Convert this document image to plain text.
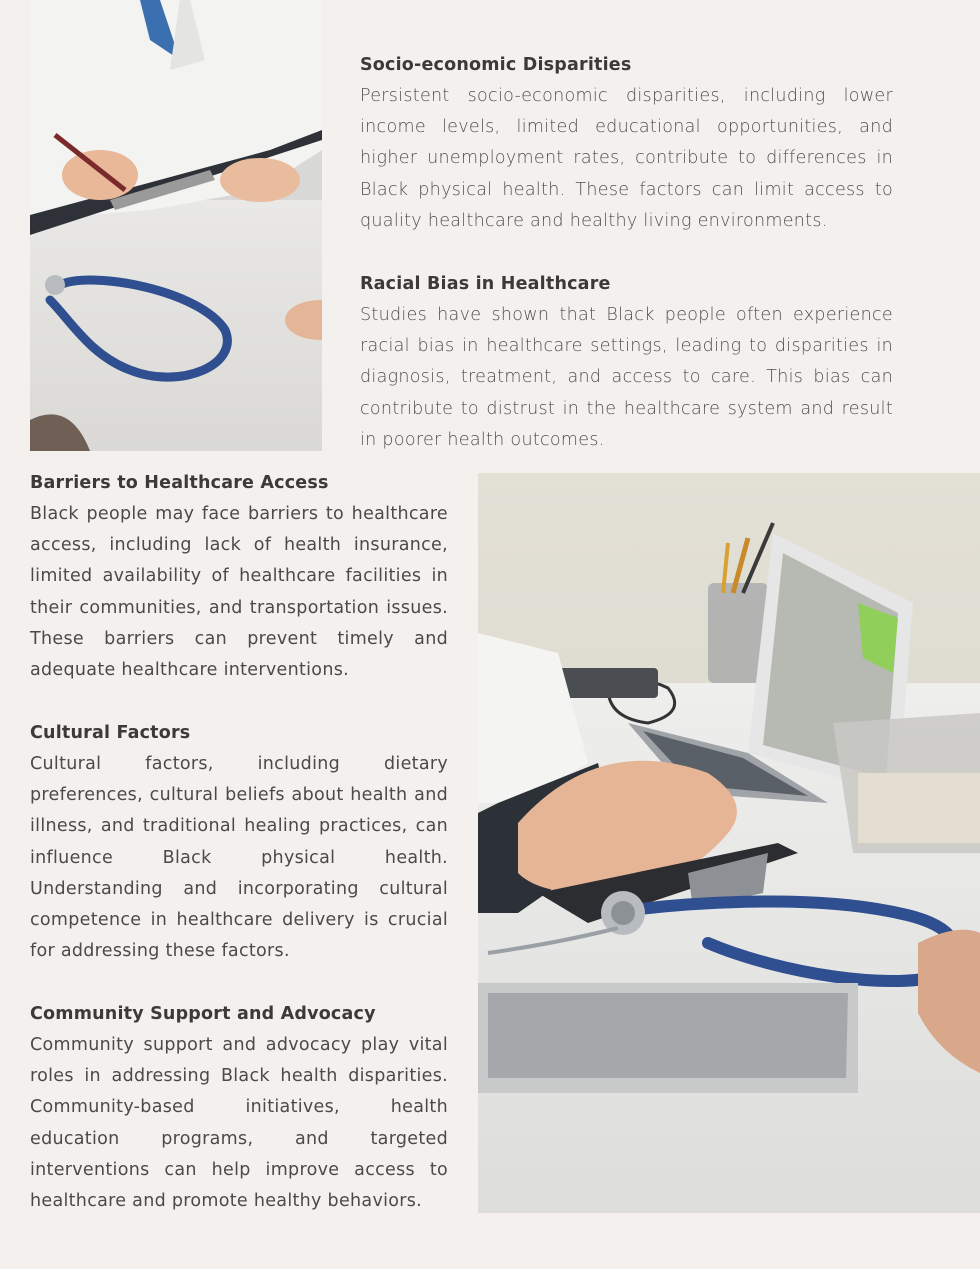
Socio-economic Disparities

Persistent socio-economic disparities, including lower income levels, limited educational opportunities, and higher unemployment rates, contribute to differences in Black physical health. These factors can limit access to quality healthcare and healthy living environments.

Racial Bias in Healthcare

Studies have shown that Black people often experience racial bias in healthcare settings, leading to disparities in diagnosis, treatment, and access to care. This bias can contribute to distrust in the healthcare system and result in poorer health outcomes.

Barriers to Healthcare Access

Black people may face barriers to healthcare access, including lack of health insurance, limited availability of healthcare facilities in their communities, and transportation issues. These barriers can prevent timely and adequate healthcare interventions.

Cultural Factors

Cultural factors, including dietary preferences, cultural beliefs about health and illness, and traditional healing practices, can influence Black physical health. Understanding and incorporating cultural competence in healthcare delivery is crucial for addressing these factors.

Community Support and Advocacy

Community support and advocacy play vital roles in addressing Black health disparities. Community-based initiatives, health education programs, and targeted interventions can help improve access to healthcare and promote healthy behaviors.
